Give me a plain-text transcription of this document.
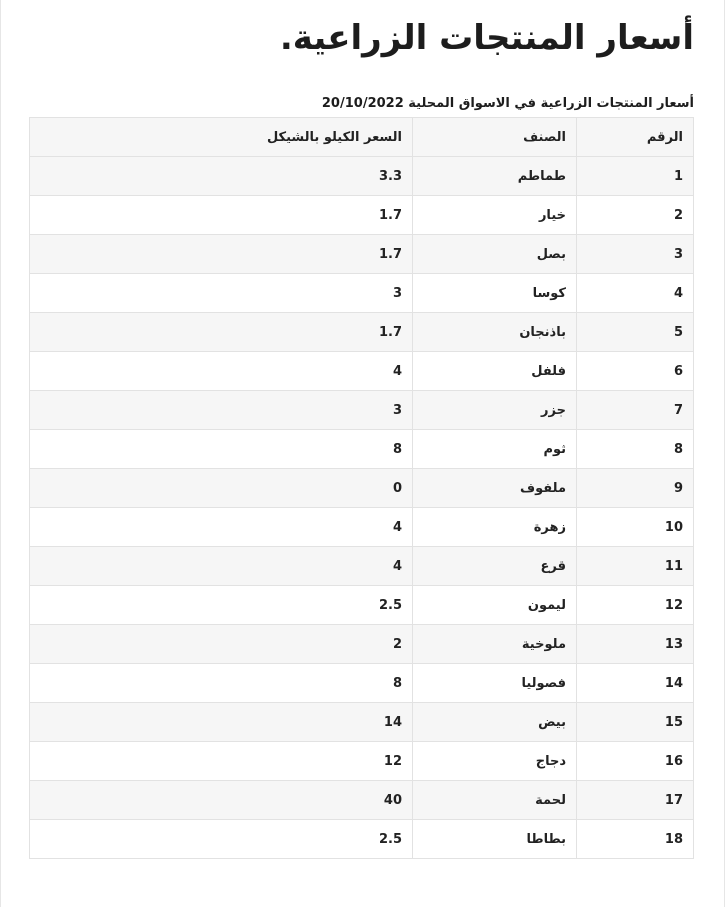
أسعار المنتجات الزراعية.
أسعار المنتجات الزراعية في الاسواق المحلية 20/10/2022
الرقم	الصنف	السعر الكيلو بالشيكل
1	طماطم	3.3
2	خيار	1.7
3	بصل	1.7
4	كوسا	3
5	باذنجان	1.7
6	فلفل	4
7	جزر	3
8	ثوم	8
9	ملفوف	0
10	زهرة	4
11	قرع	4
12	ليمون	2.5
13	ملوخية	2
14	فصوليا	8
15	بيض	14
16	دجاج	12
17	لحمة	40
18	بطاطا	2.5
